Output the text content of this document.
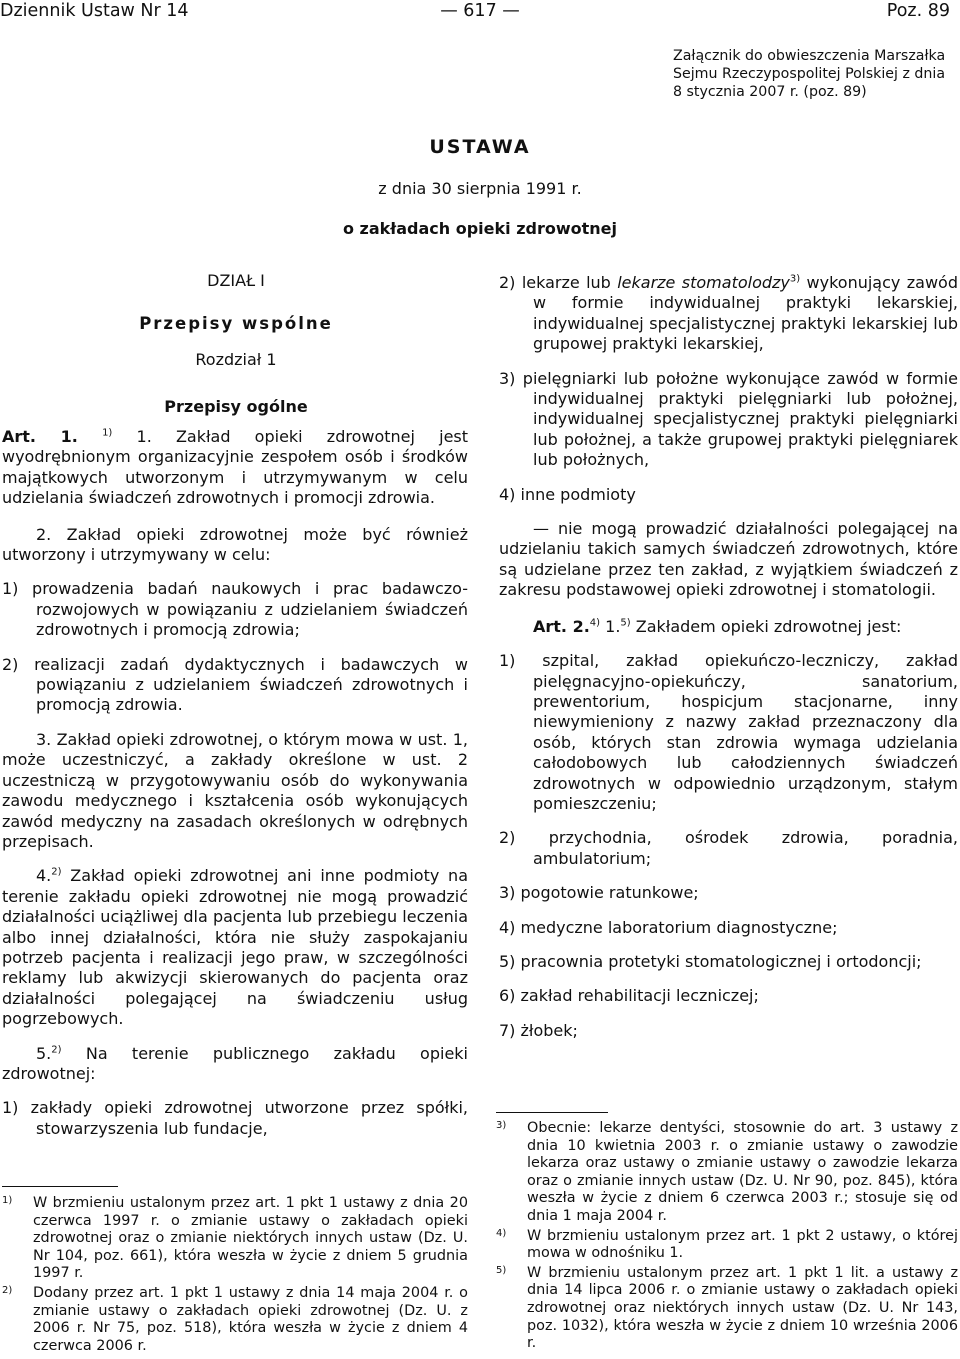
Dziennik Ustaw Nr 14	— 617 —	Poz. 89
Załącznik do obwieszczenia Marszałka Sejmu Rzeczypospolitej Polskiej z dnia 8 stycznia 2007 r. (poz. 89)
USTAWA
z dnia 30 sierpnia 1991 r.
o zakładach opieki zdrowotnej
DZIAŁ I
Przepisy wspólne
Rozdział 1
Przepisy ogólne

Art. 1. $^{1)}$ 1. Zakład opieki zdrowotnej jest wyodrębnionym organizacyjnie zespołem osób i środków majątkowych utworzonym i utrzymywanym w celu udzielania świadczeń zdrowotnych i promocji zdrowia.

2. Zakład opieki zdrowotnej może być również utworzony i utrzymywany w celu:

1) prowadzenia badań naukowych i prac badawczo-rozwojowych w powiązaniu z udzielaniem świadczeń zdrowotnych i promocją zdrowia;

2) realizacji zadań dydaktycznych i badawczych w powiązaniu z udzielaniem świadczeń zdrowotnych i promocją zdrowia.

3. Zakład opieki zdrowotnej, o którym mowa w ust. 1, może uczestniczyć, a zakłady określone w ust. 2 uczestniczą w przygotowywaniu osób do wykonywania zawodu medycznego i kształcenia osób wykonujących zawód medyczny na zasadach określonych w odrębnych przepisach.

4.$^{2)}$ Zakład opieki zdrowotnej ani inne podmioty na terenie zakładu opieki zdrowotnej nie mogą prowadzić działalności uciążliwej dla pacjenta lub przebiegu leczenia albo innej działalności, która nie służy zaspokajaniu potrzeb pacjenta i realizacji jego praw, w szczególności reklamy lub akwizycji skierowanych do pacjenta oraz działalności polegającej na świadczeniu usług pogrzebowych.

5.$^{2)}$ Na terenie publicznego zakładu opieki zdrowotnej:

1) zakłady opieki zdrowotnej utworzone przez spółki, stowarzyszenia lub fundacje,

1) W brzmieniu ustalonym przez art. 1 pkt 1 ustawy z dnia 20 czerwca 1997 r. o zmianie ustawy o zakładach opieki zdrowotnej oraz o zmianie niektórych innych ustaw (Dz. U. Nr 104, poz. 661), która weszła w życie z dniem 5 grudnia 1997 r.

2) Dodany przez art. 1 pkt 1 ustawy z dnia 14 maja 2004 r. o zmianie ustawy o zakładach opieki zdrowotnej (Dz. U. z 2006 r. Nr 75, poz. 518), która weszła w życie z dniem 4 czerwca 2006 r.

2) lekarze lub lekarze stomatolodzy$^{3)}$ wykonujący zawód w formie indywidualnej praktyki lekarskiej, indywidualnej specjalistycznej praktyki lekarskiej lub grupowej praktyki lekarskiej,

3) pielęgniarki lub położne wykonujące zawód w formie indywidualnej praktyki pielęgniarki lub położnej, indywidualnej specjalistycznej praktyki pielęgniarki lub położnej, a także grupowej praktyki pielęgniarek lub położnych,

4) inne podmioty

— nie mogą prowadzić działalności polegającej na udzielaniu takich samych świadczeń zdrowotnych, które są udzielane przez ten zakład, z wyjątkiem świadczeń z zakresu podstawowej opieki zdrowotnej i stomatologii.

Art. 2.$^{4)}$ 1.$^{5)}$ Zakładem opieki zdrowotnej jest:

1) szpital, zakład opiekuńczo-leczniczy, zakład pielęgnacyjno-opiekuńczy, sanatorium, prewentorium, hospicjum stacjonarne, inny niewymieniony z nazwy zakład przeznaczony dla osób, których stan zdrowia wymaga udzielania całodobowych lub całodziennych świadczeń zdrowotnych w odpowiednio urządzonym, stałym pomieszczeniu;

2) przychodnia, ośrodek zdrowia, poradnia, ambulatorium;

3) pogotowie ratunkowe;

4) medyczne laboratorium diagnostyczne;

5) pracownia protetyki stomatologicznej i ortodoncji;

6) zakład rehabilitacji leczniczej;

7) żłobek;

3) Obecnie: lekarze dentyści, stosownie do art. 3 ustawy z dnia 10 kwietnia 2003 r. o zmianie ustawy o zawodzie lekarza oraz ustawy o zmianie ustawy o zawodzie lekarza oraz o zmianie innych ustaw (Dz. U. Nr 90, poz. 845), która weszła w życie z dniem 6 czerwca 2003 r.; stosuje się od dnia 1 maja 2004 r.

4) W brzmieniu ustalonym przez art. 1 pkt 2 ustawy, o której mowa w odnośniku 1.

5) W brzmieniu ustalonym przez art. 1 pkt 1 lit. a ustawy z dnia 14 lipca 2006 r. o zmianie ustawy o zakładach opieki zdrowotnej oraz niektórych innych ustaw (Dz. U. Nr 143, poz. 1032), która weszła w życie z dniem 10 września 2006 r.
